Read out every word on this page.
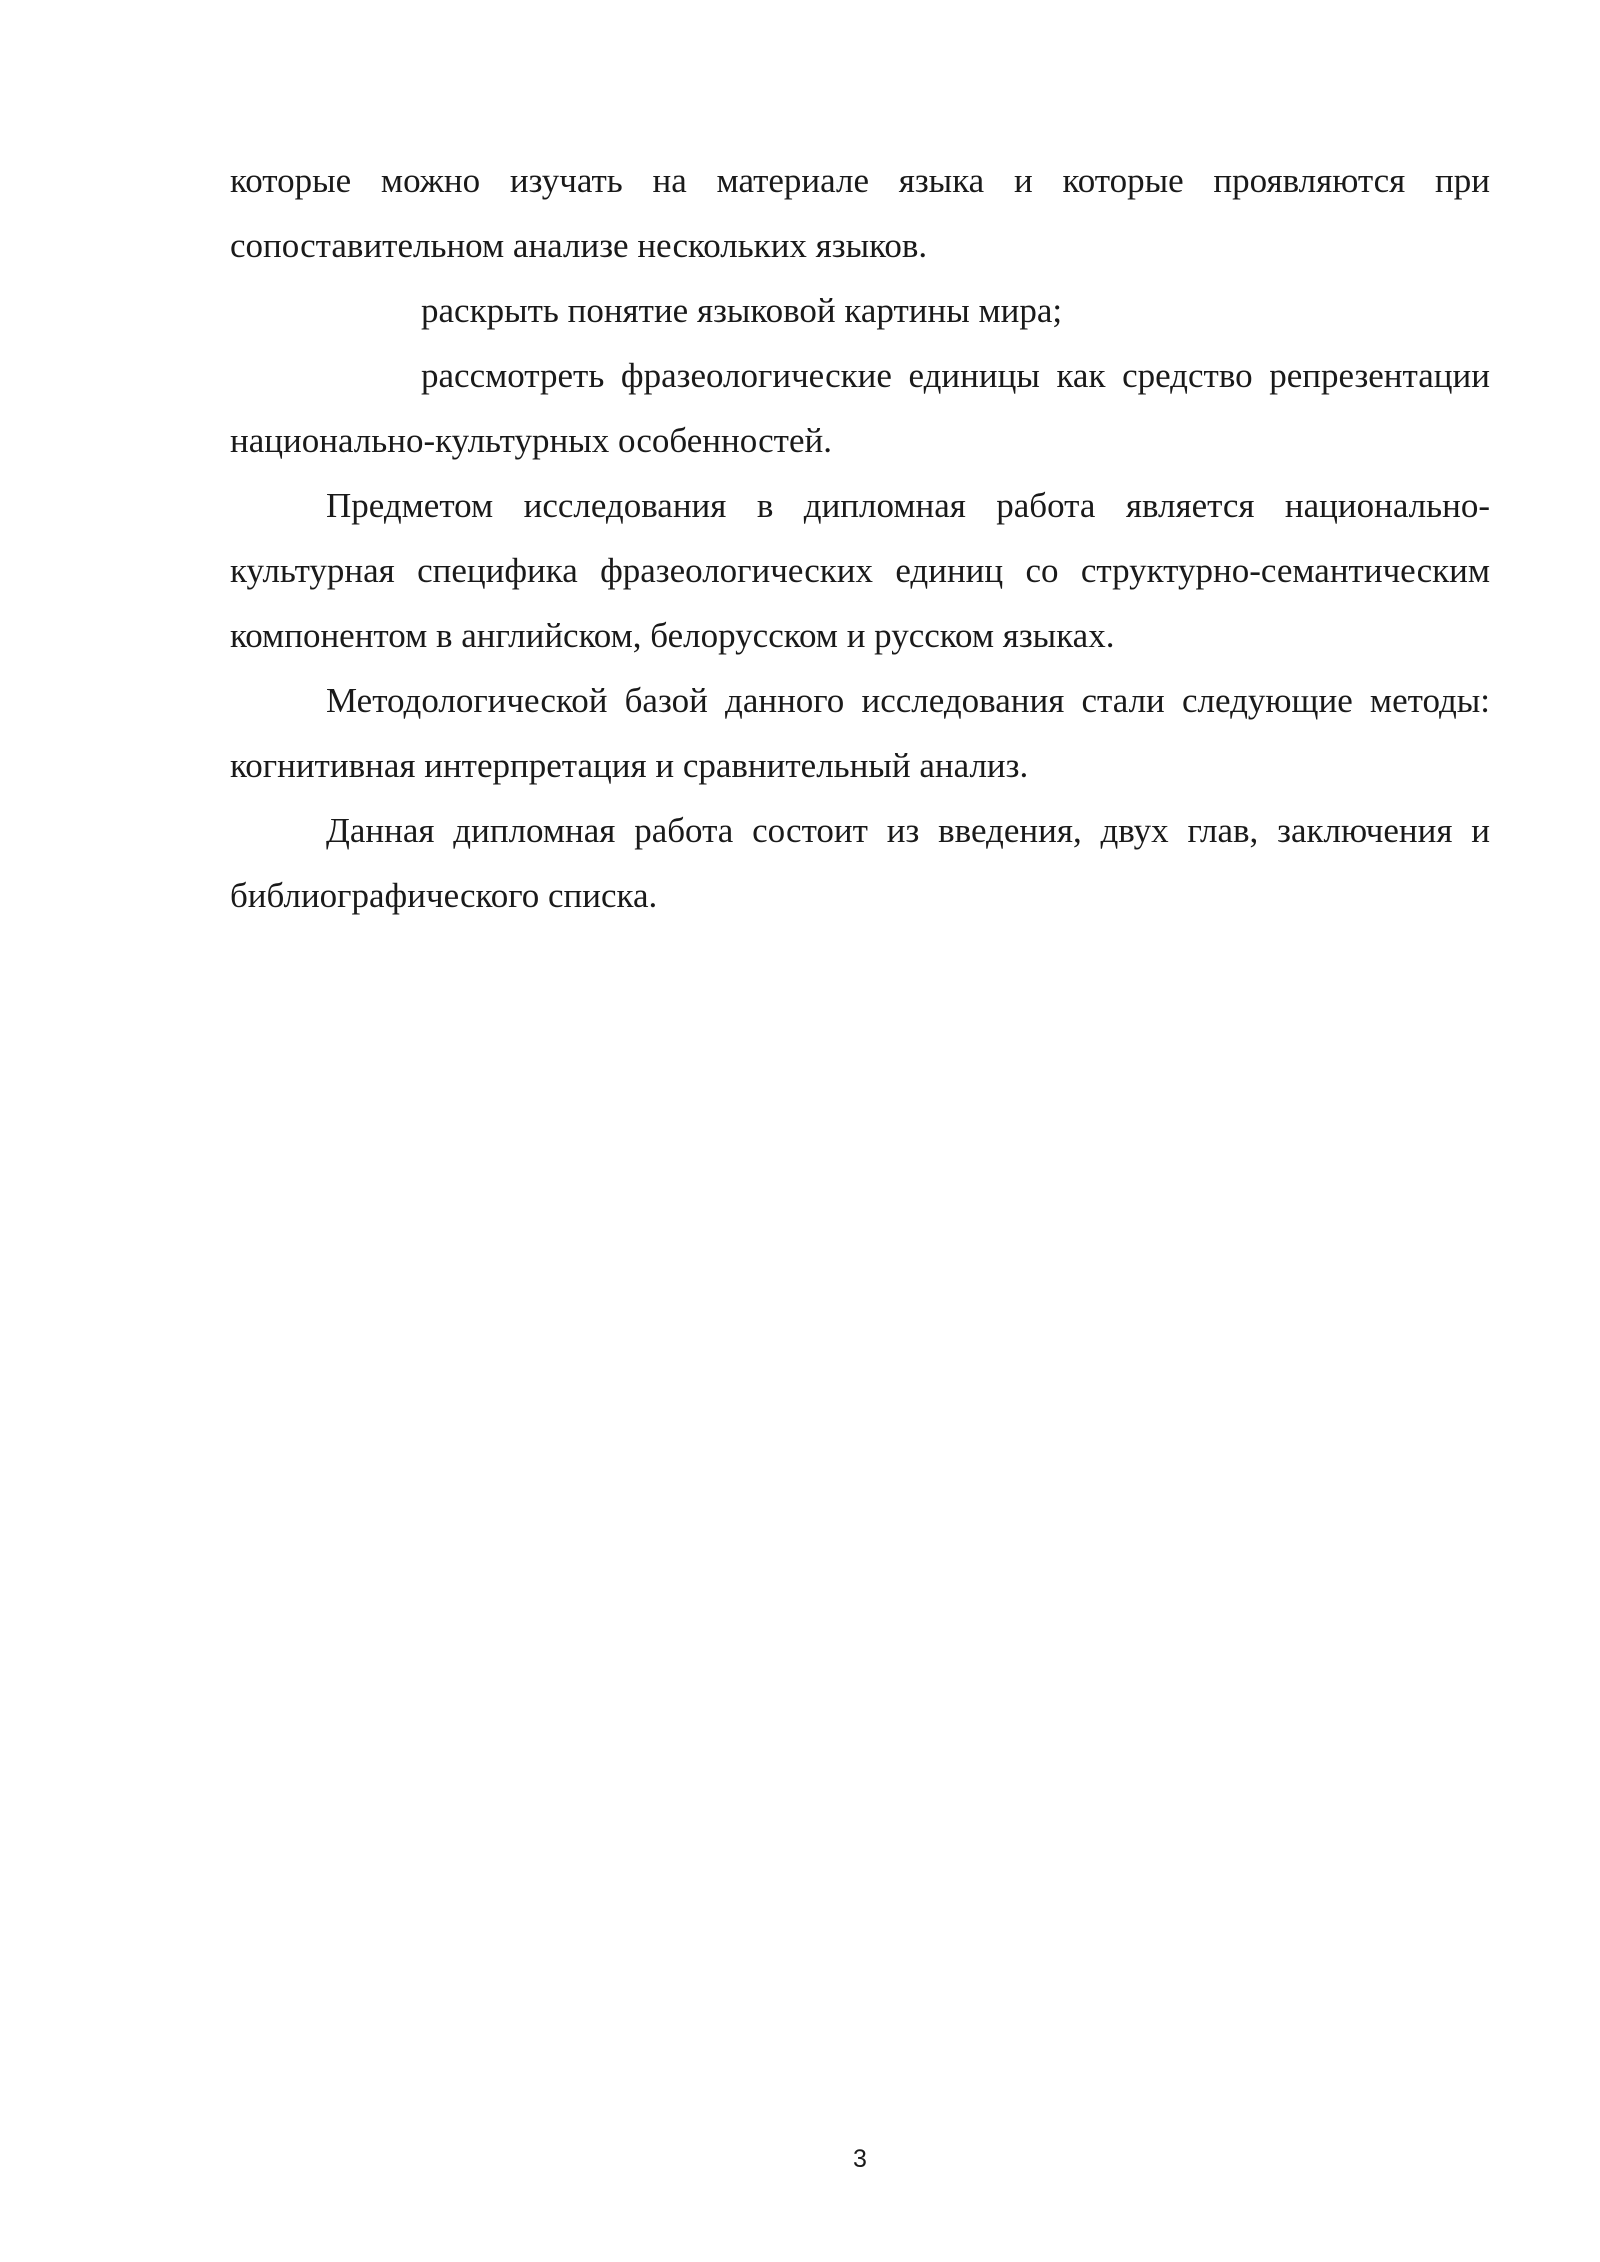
которые можно изучать на материале языка и которые проявляются при сопоставительном анализе нескольких языков.

раскрыть понятие языковой картины мира;

рассмотреть фразеологические единицы как средство репрезентации национально-культурных особенностей.

Предметом исследования в дипломная работа является национально-культурная специфика фразеологических единиц со структурно-семантическим компонентом в английском, белорусском и русском языках.

Методологической базой данного исследования стали следующие методы: когнитивная интерпретация и сравнительный анализ.

Данная дипломная работа состоит из введения, двух глав, заключения и библиографического списка.

3
